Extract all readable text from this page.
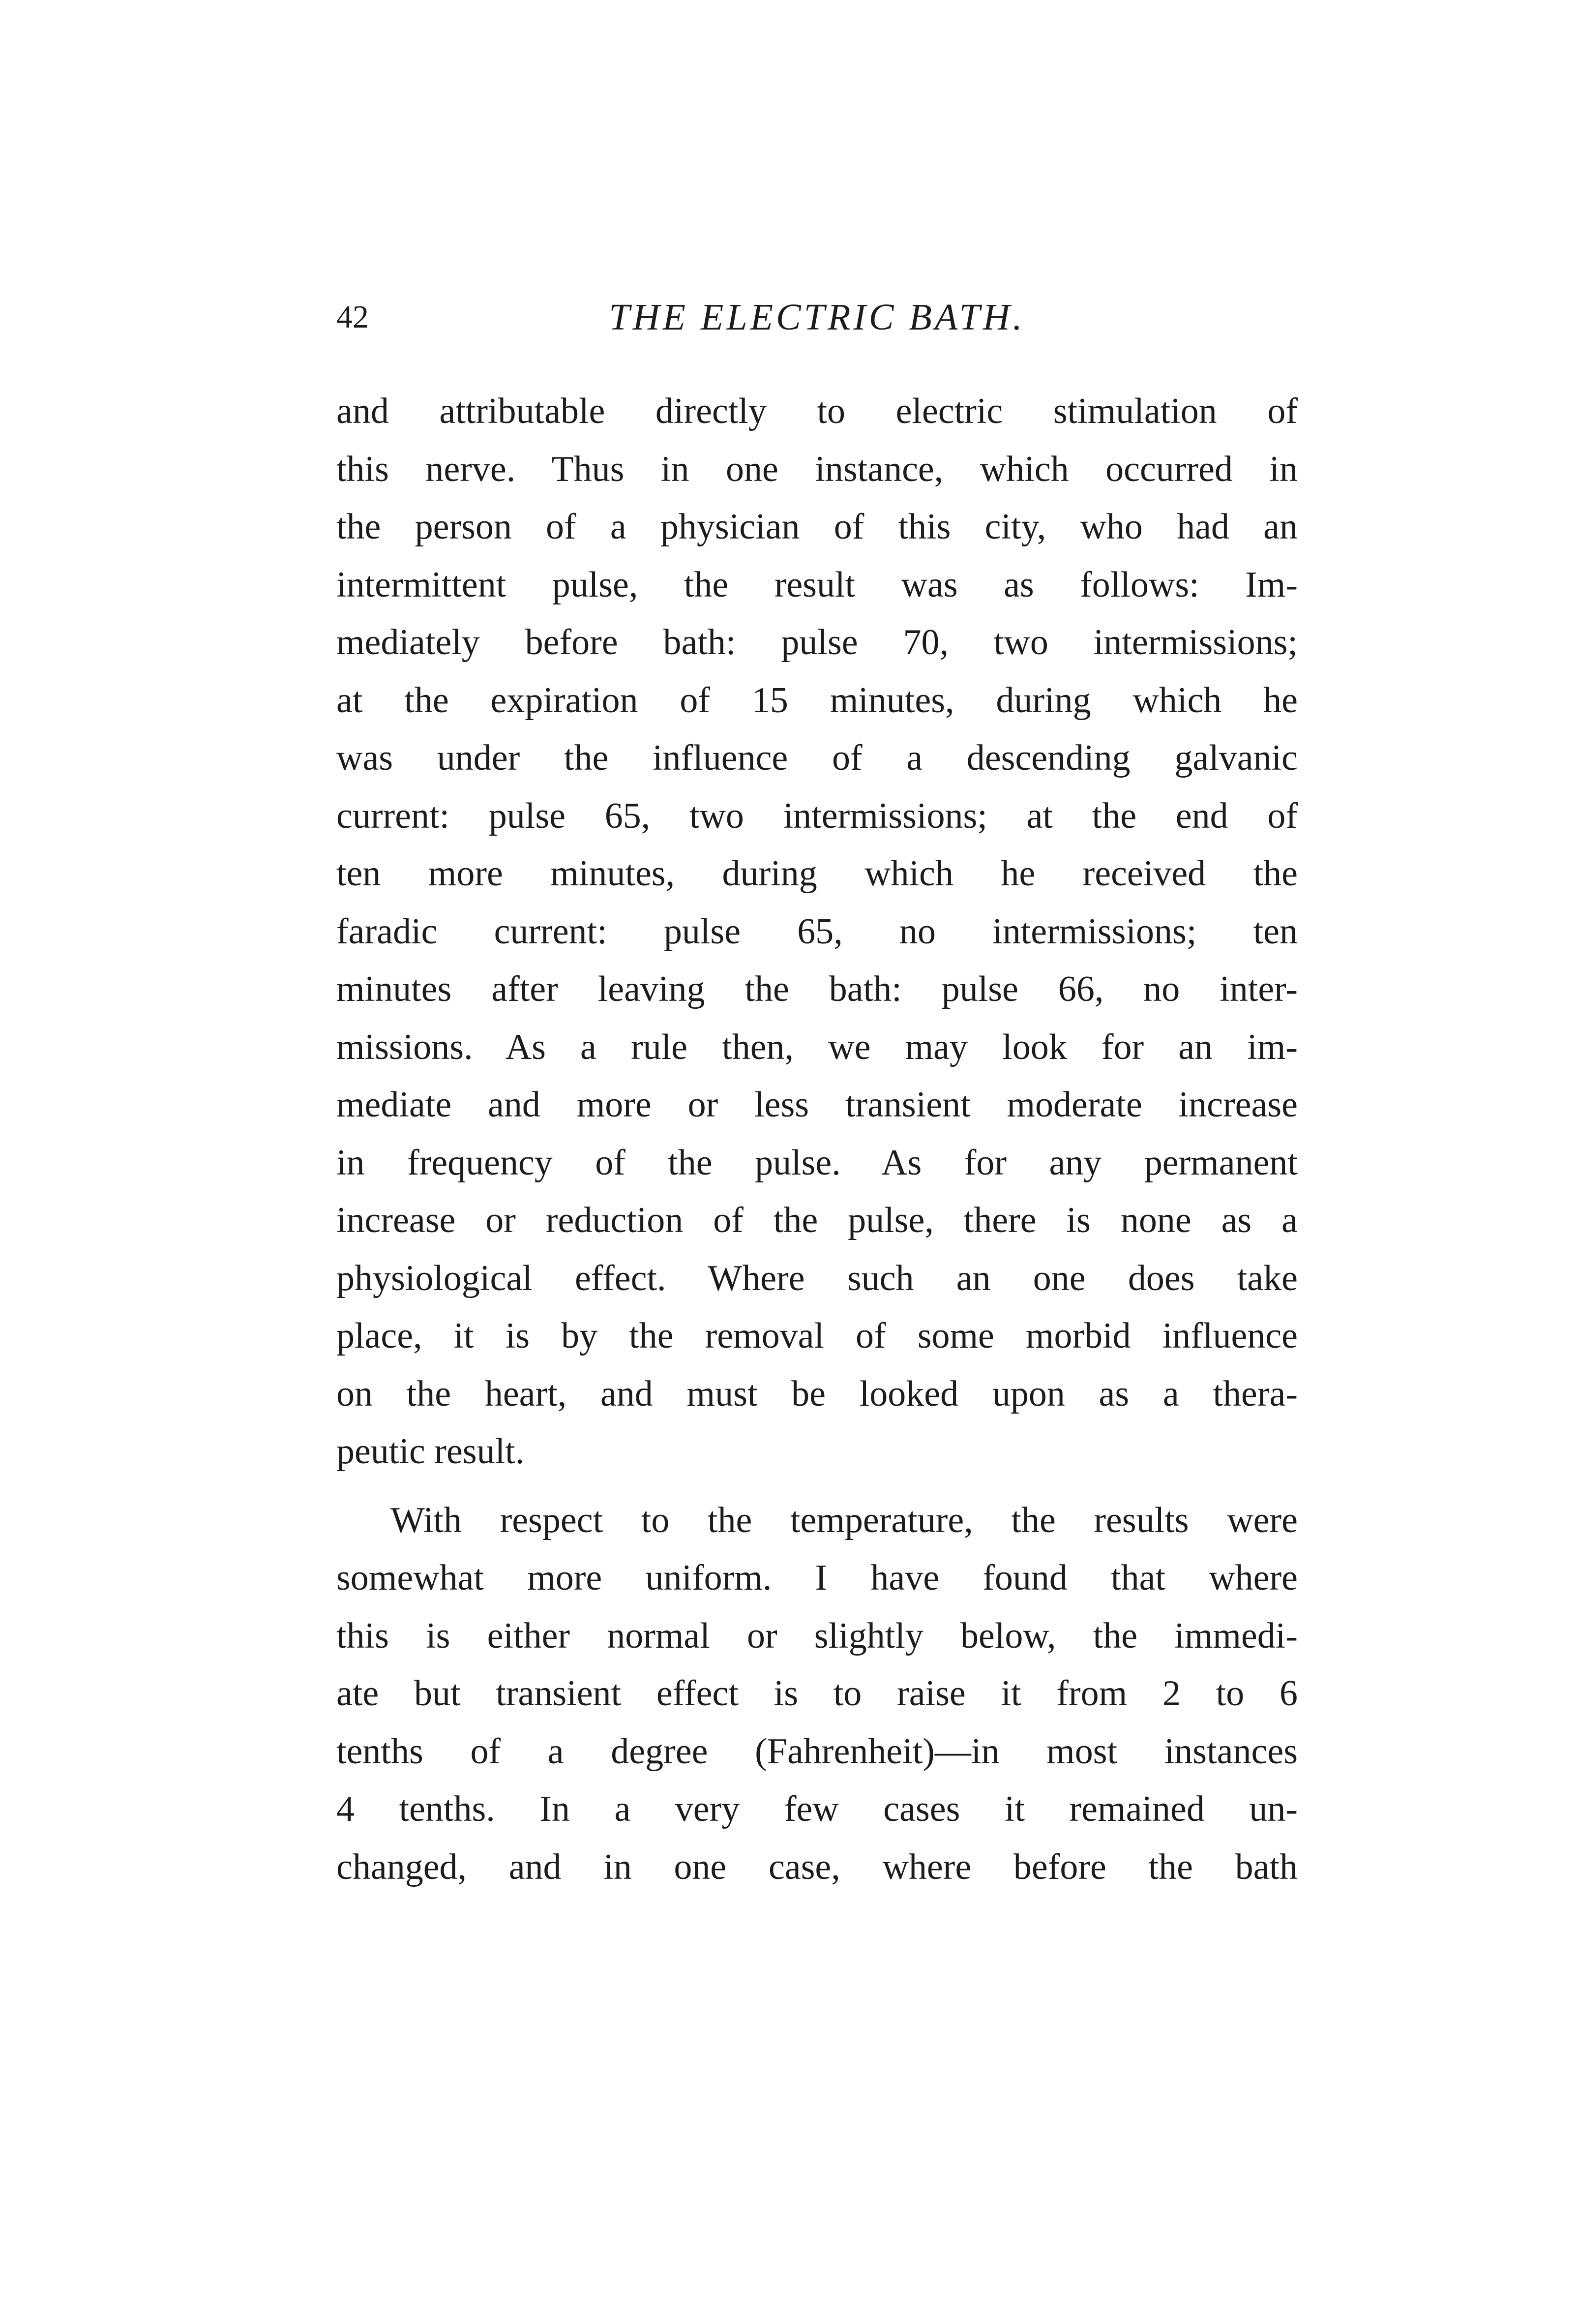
42	THE ELECTRIC BATH.
and attributable directly to electric stimulation of
this nerve. Thus in one instance, which occurred in
the person of a physician of this city, who had an
intermittent pulse, the result was as follows: Im-
mediately before bath: pulse 70, two intermissions;
at the expiration of 15 minutes, during which he
was under the influence of a descending galvanic
current: pulse 65, two intermissions; at the end of
ten more minutes, during which he received the
faradic current: pulse 65, no intermissions; ten
minutes after leaving the bath: pulse 66, no inter-
missions. As a rule then, we may look for an im-
mediate and more or less transient moderate increase
in frequency of the pulse. As for any permanent
increase or reduction of the pulse, there is none as a
physiological effect. Where such an one does take
place, it is by the removal of some morbid influence
on the heart, and must be looked upon as a thera-
peutic result.
With respect to the temperature, the results were
somewhat more uniform. I have found that where
this is either normal or slightly below, the immedi-
ate but transient effect is to raise it from 2 to 6
tenths of a degree (Fahrenheit)—in most instances
4 tenths. In a very few cases it remained un-
changed, and in one case, where before the bath
